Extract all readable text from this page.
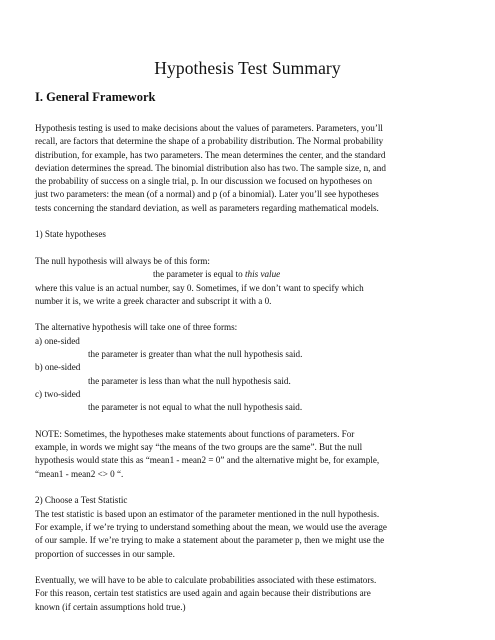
Hypothesis Test Summary
I. General Framework
Hypothesis testing is used to make decisions about the values of parameters. Parameters, you’ll
recall, are factors that determine the shape of a probability distribution. The Normal probability
distribution, for example, has two parameters. The mean determines the center, and the standard
deviation determines the spread. The binomial distribution also has two. The sample size, n, and
the probability of success on a single trial, p. In our discussion we focused on hypotheses on
just two parameters: the mean (of a normal) and p (of a binomial). Later you’ll see hypotheses
tests concerning the standard deviation, as well as parameters regarding mathematical models.
1) State hypotheses
The null hypothesis will always be of this form:
the parameter is equal to this value
where this value is an actual number, say 0. Sometimes, if we don’t want to specify which
number it is, we write a greek character and subscript it with a 0.
The alternative hypothesis will take one of three forms:
a) one-sided
the parameter is greater than what the null hypothesis said.
b) one-sided
the parameter is less than what the null hypothesis said.
c) two-sided
the parameter is not equal to what the null hypothesis said.
NOTE: Sometimes, the hypotheses make statements about functions of parameters. For
example, in words we might say “the means of the two groups are the same”. But the null
hypothesis would state this as “mean1 - mean2 = 0” and the alternative might be, for example,
“mean1 - mean2 <> 0 “.
2) Choose a Test Statistic
The test statistic is based upon an estimator of the parameter mentioned in the null hypothesis.
For example, if we’re trying to understand something about the mean, we would use the average
of our sample. If we’re trying to make a statement about the parameter p, then we might use the
proportion of successes in our sample.
Eventually, we will have to be able to calculate probabilities associated with these estimators.
For this reason, certain test statistics are used again and again because their distributions are
known (if certain assumptions hold true.)
